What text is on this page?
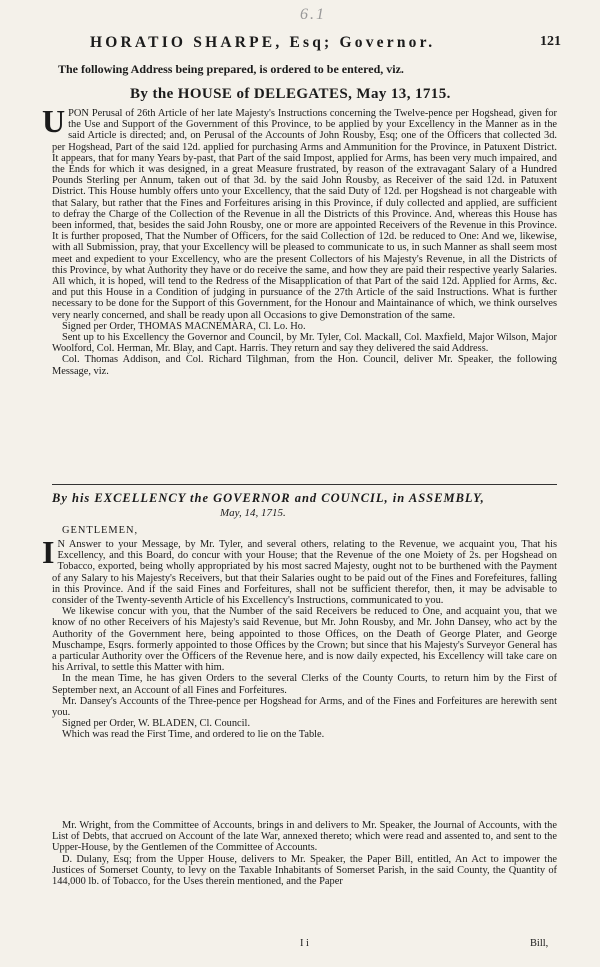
6.1
HORATIO SHARPE, Esq; Governor.	121
The following Address being prepared, is ordered to be entered, viz.
By the HOUSE of DELEGATES, May 13, 1715.

UPON Perusal of 26th Article of her late Majesty's Instructions concerning the Twelve-pence per Hogshead, given for the Use and Support of the Government of this Province, to be applied by your Excellency in the Manner as in the said Article is directed; and, on Perusal of the Accounts of John Rousby, Esq; one of the Officers that collected 3d. per Hogshead, Part of the said 12d. applied for purchasing Arms and Ammunition for the Province, in Patuxent District. It appears, that for many Years by-past, that Part of the said Impost, applied for Arms, has been very much impaired, and the Ends for which it was designed, in a great Measure frustrated, by reason of the extravagant Salary of a Hundred Pounds Sterling per Annum, taken out of that 3d. by the said John Rousby, as Receiver of the said 12d. in Patuxent District. This House humbly offers unto your Excellency, that the said Duty of 12d. per Hogshead is not chargeable with that Salary, but rather that the Fines and Forfeitures arising in this Province, if duly collected and applied, are sufficient to defray the Charge of the Collection of the Revenue in all the Districts of this Province. And, whereas this House has been informed, that, besides the said John Rousby, one or more are appointed Receivers of the Revenue in this Province. It is further proposed, That the Number of Officers, for the said Collection of 12d. be reduced to One: And we, likewise, with all Submission, pray, that your Excellency will be pleased to communicate to us, in such Manner as shall seem most meet and expedient to your Excellency, who are the present Collectors of his Majesty's Revenue, in all the Districts of this Province, by what Authority they have or do receive the same, and how they are paid their respective yearly Salaries. All which, it is hoped, will tend to the Redress of the Misapplication of that Part of the said 12d. Applied for Arms, &c. and put this House in a Condition of judging in pursuance of the 27th Article of the said Instructions. What is further necessary to be done for the Support of this Government, for the Honour and Maintainance of which, we think ourselves very nearly concerned, and shall be ready upon all Occasions to give Demonstration of the same.

Signed per Order, THOMAS MACNEMARA, Cl. Lo. Ho.

Sent up to his Excellency the Governor and Council, by Mr. Tyler, Col. Mackall, Col. Maxfield, Major Wilson, Major Woolford, Col. Herman, Mr. Blay, and Capt. Harris. They return and say they delivered the said Address.

Col. Thomas Addison, and Col. Richard Tilghman, from the Hon. Council, deliver Mr. Speaker, the following Message, viz.

By his EXCELLENCY the GOVERNOR and COUNCIL, in ASSEMBLY,
May, 14, 1715.
GENTLEMEN,

I N Answer to your Message, by Mr. Tyler, and several others, relating to the Revenue, we acquaint you, That his Excellency, and this Board, do concur with your House; that the Revenue of the one Moiety of 2s. per Hogshead on Tobacco, exported, being wholly appropriated by his most sacred Majesty, ought not to be burthened with the Payment of any Salary to his Majesty's Receivers, but that their Salaries ought to be paid out of the Fines and Forefeitures, falling in this Province. And if the said Fines and Forfeitures, shall not be sufficient therefor, then, it may be advisable to consider of the Twenty-seventh Article of his Excellency's Instructions, communicated to you.

We likewise concur with you, that the Number of the said Receivers be reduced to One, and acquaint you, that we know of no other Receivers of his Majesty's said Revenue, but Mr. John Rousby, and Mr. John Dansey, who act by the Authority of the Government here, being appointed to those Offices, on the Death of George Plater, and George Muschampe, Esqrs. formerly appointed to those Offices by the Crown; but since that his Majesty's Surveyor General has a particular Authority over the Officers of the Revenue here, and is now daily expected, his Excellency will take care on his Arrival, to settle this Matter with him.

In the mean Time, he has given Orders to the several Clerks of the County Courts, to return him by the First of September next, an Account of all Fines and Forfeitures.

Mr. Dansey's Accounts of the Three-pence per Hogshead for Arms, and of the Fines and Forfeitures are herewith sent you.

Signed per Order, W. BLADEN, Cl. Council.

Which was read the First Time, and ordered to lie on the Table.

Mr. Wright, from the Committee of Accounts, brings in and delivers to Mr. Speaker, the Journal of Accounts, with the List of Debts, that accrued on Account of the late War, annexed thereto; which were read and assented to, and sent to the Upper-House, by the Gentlemen of the Committee of Accounts.

D. Dulany, Esq; from the Upper House, delivers to Mr. Speaker, the Paper Bill, entitled, An Act to impower the Justices of Somerset County, to levy on the Taxable Inhabitants of Somerset Parish, in the said County, the Quantity of 144,000 lb. of Tobacco, for the Uses therein mentioned, and the Paper

I i	Bill,
